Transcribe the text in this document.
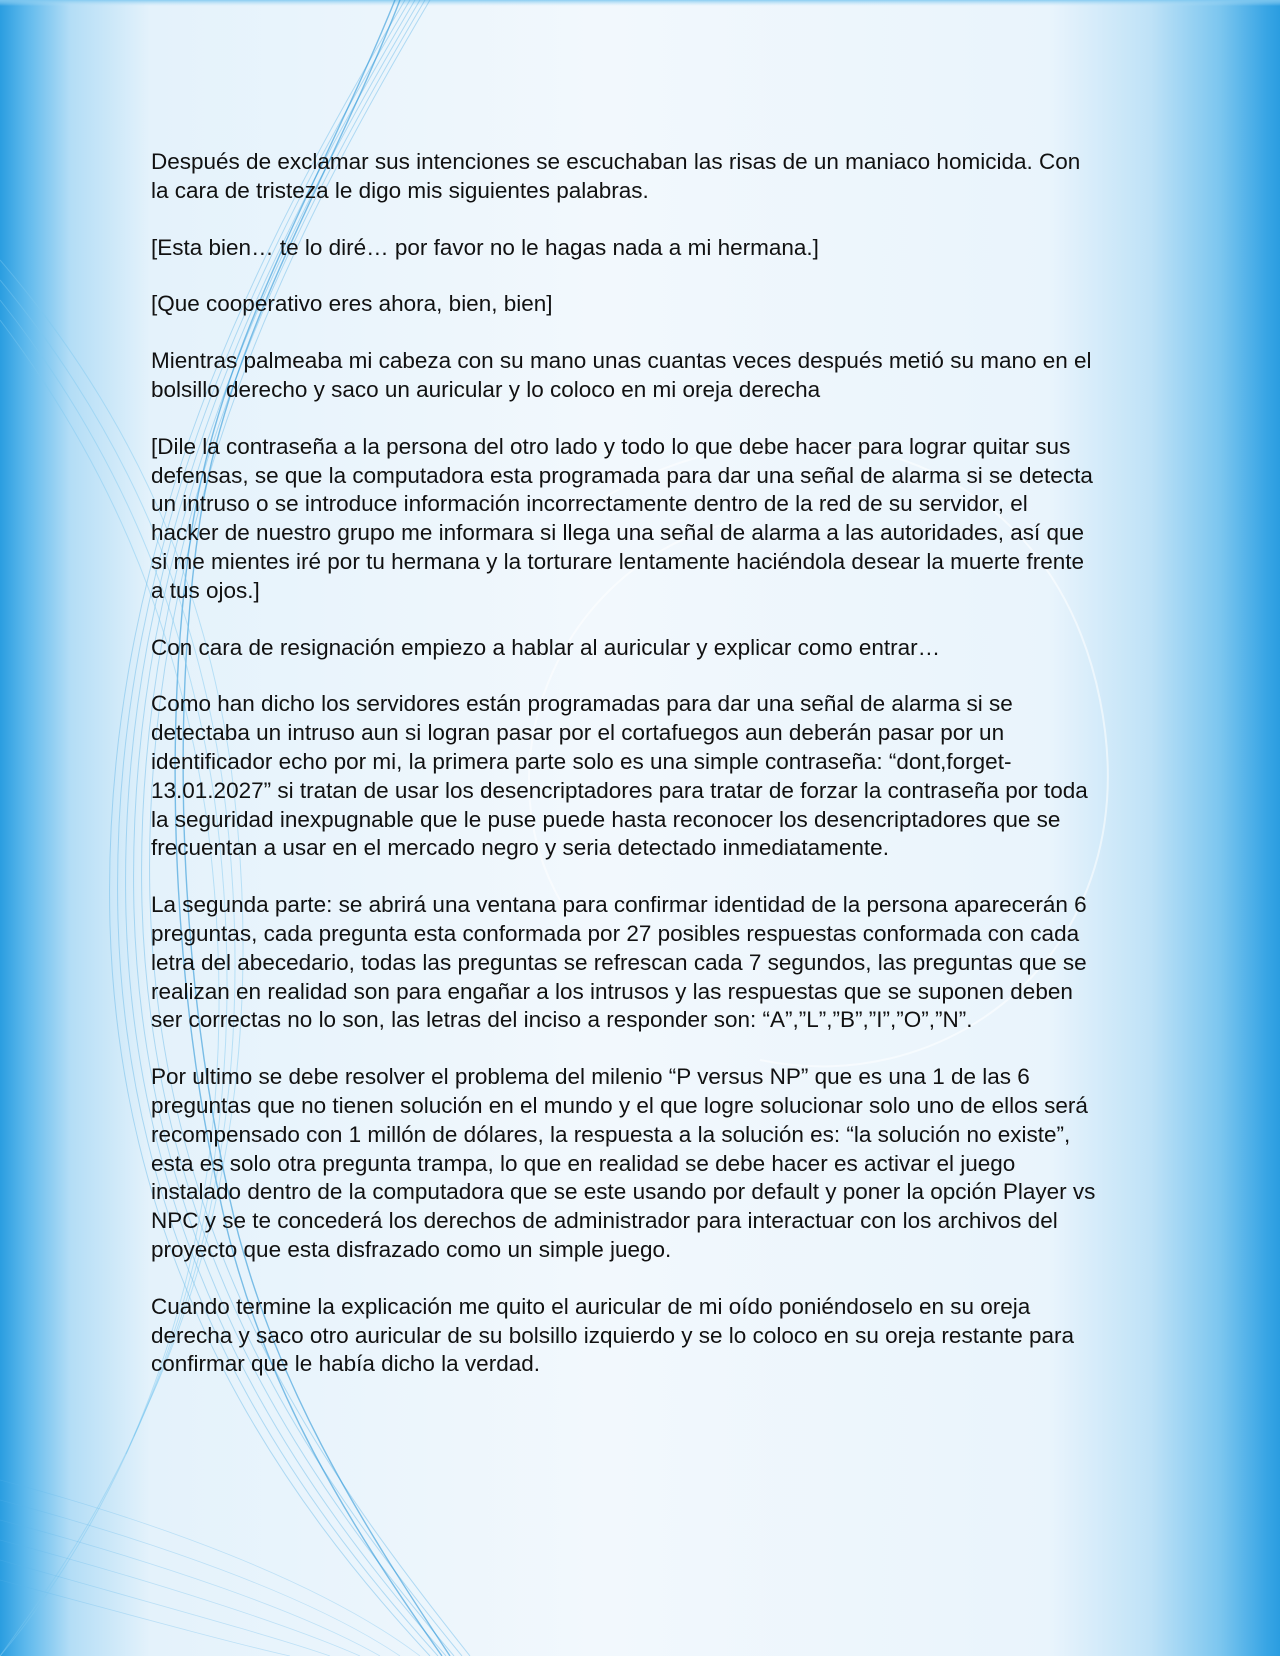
Después de exclamar sus intenciones se escuchaban las risas de un maniaco homicida. Con la cara de tristeza le digo mis siguientes palabras.

[Esta bien… te lo diré… por favor no le hagas nada a mi hermana.]

[Que cooperativo eres ahora, bien, bien]

Mientras palmeaba mi cabeza con su mano unas cuantas veces después metió su mano en el bolsillo derecho y saco un auricular y lo coloco en mi oreja derecha

[Dile la contraseña a la persona del otro lado y todo lo que debe hacer para lograr quitar sus defensas, se que la computadora esta programada para dar una señal de alarma si se detecta un intruso o se introduce información incorrectamente dentro de la red de su servidor, el hacker de nuestro grupo me informara si llega una señal de alarma a las autoridades, así que si me mientes iré por tu hermana y la torturare lentamente haciéndola desear la muerte frente a tus ojos.]

Con cara de resignación empiezo a hablar al auricular y explicar como entrar…

Como han dicho los servidores están programadas para dar una señal de alarma si se detectaba un intruso aun si logran pasar por el cortafuegos aun deberán pasar por un identificador echo por mi, la primera parte solo es una simple contraseña: “dont,forget-13.01.2027” si tratan de usar los desencriptadores para tratar de forzar la contraseña por toda la seguridad inexpugnable que le puse puede hasta reconocer los desencriptadores que se frecuentan a usar en el mercado negro y seria detectado inmediatamente.

La segunda parte: se abrirá una ventana para confirmar identidad de la persona aparecerán 6 preguntas, cada pregunta esta conformada por 27 posibles respuestas conformada con cada letra del abecedario, todas las preguntas se refrescan cada 7 segundos, las preguntas que se realizan en realidad son para engañar a los intrusos y las respuestas que se suponen deben ser correctas no lo son, las letras del inciso a responder son: “A”,”L”,”B”,”I”,”O”,”N”.

Por ultimo se debe resolver el problema del milenio “P versus NP” que es una 1 de las 6 preguntas que no tienen solución en el mundo y el que logre solucionar solo uno de ellos será recompensado con 1 millón de dólares, la respuesta a la solución es: “la solución no existe”, esta es solo otra pregunta trampa, lo que en realidad se debe hacer es activar el juego instalado dentro de la computadora que se este usando por default y poner la opción Player vs NPC y se te concederá los derechos de administrador para interactuar con los archivos del proyecto que esta disfrazado como un simple juego.

Cuando termine la explicación me quito el auricular de mi oído poniéndoselo en su oreja derecha y saco otro auricular de su bolsillo izquierdo y se lo coloco en su oreja restante para confirmar que le había dicho la verdad.
